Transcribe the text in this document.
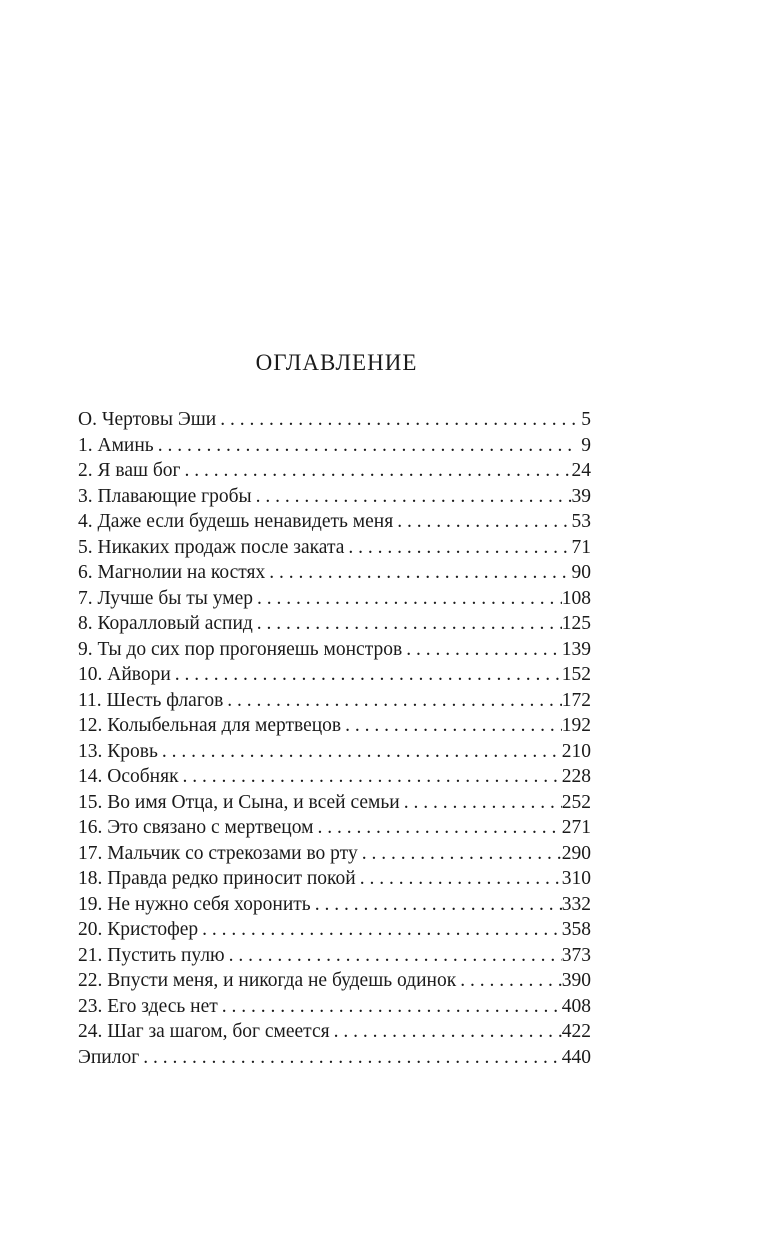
ОГЛАВЛЕНИЕ
О. Чертовы Эши . . .	5
1. Аминь . . .	9
2. Я ваш бог . . .	24
3. Плавающие гробы . . .	39
4. Даже если будешь ненавидеть меня . . .	53
5. Никаких продаж после заката . . .	71
6. Магнолии на костях . . .	90
7. Лучше бы ты умер . . .	108
8. Коралловый аспид . . .	125
9. Ты до сих пор прогоняешь монстров . . .	139
10. Айвори . . .	152
11. Шесть флагов . . .	172
12. Колыбельная для мертвецов . . .	192
13. Кровь . . .	210
14. Особняк . . .	228
15. Во имя Отца, и Сына, и всей семьи . . .	252
16. Это связано с мертвецом . . .	271
17. Мальчик со стрекозами во рту . . .	290
18. Правда редко приносит покой . . .	310
19. Не нужно себя хоронить . . .	332
20. Кристофер . . .	358
21. Пустить пулю . . .	373
22. Впусти меня, и никогда не будешь одинок . . .	390
23. Его здесь нет . . .	408
24. Шаг за шагом, бог смеется . . .	422
Эпилог . . .	440
